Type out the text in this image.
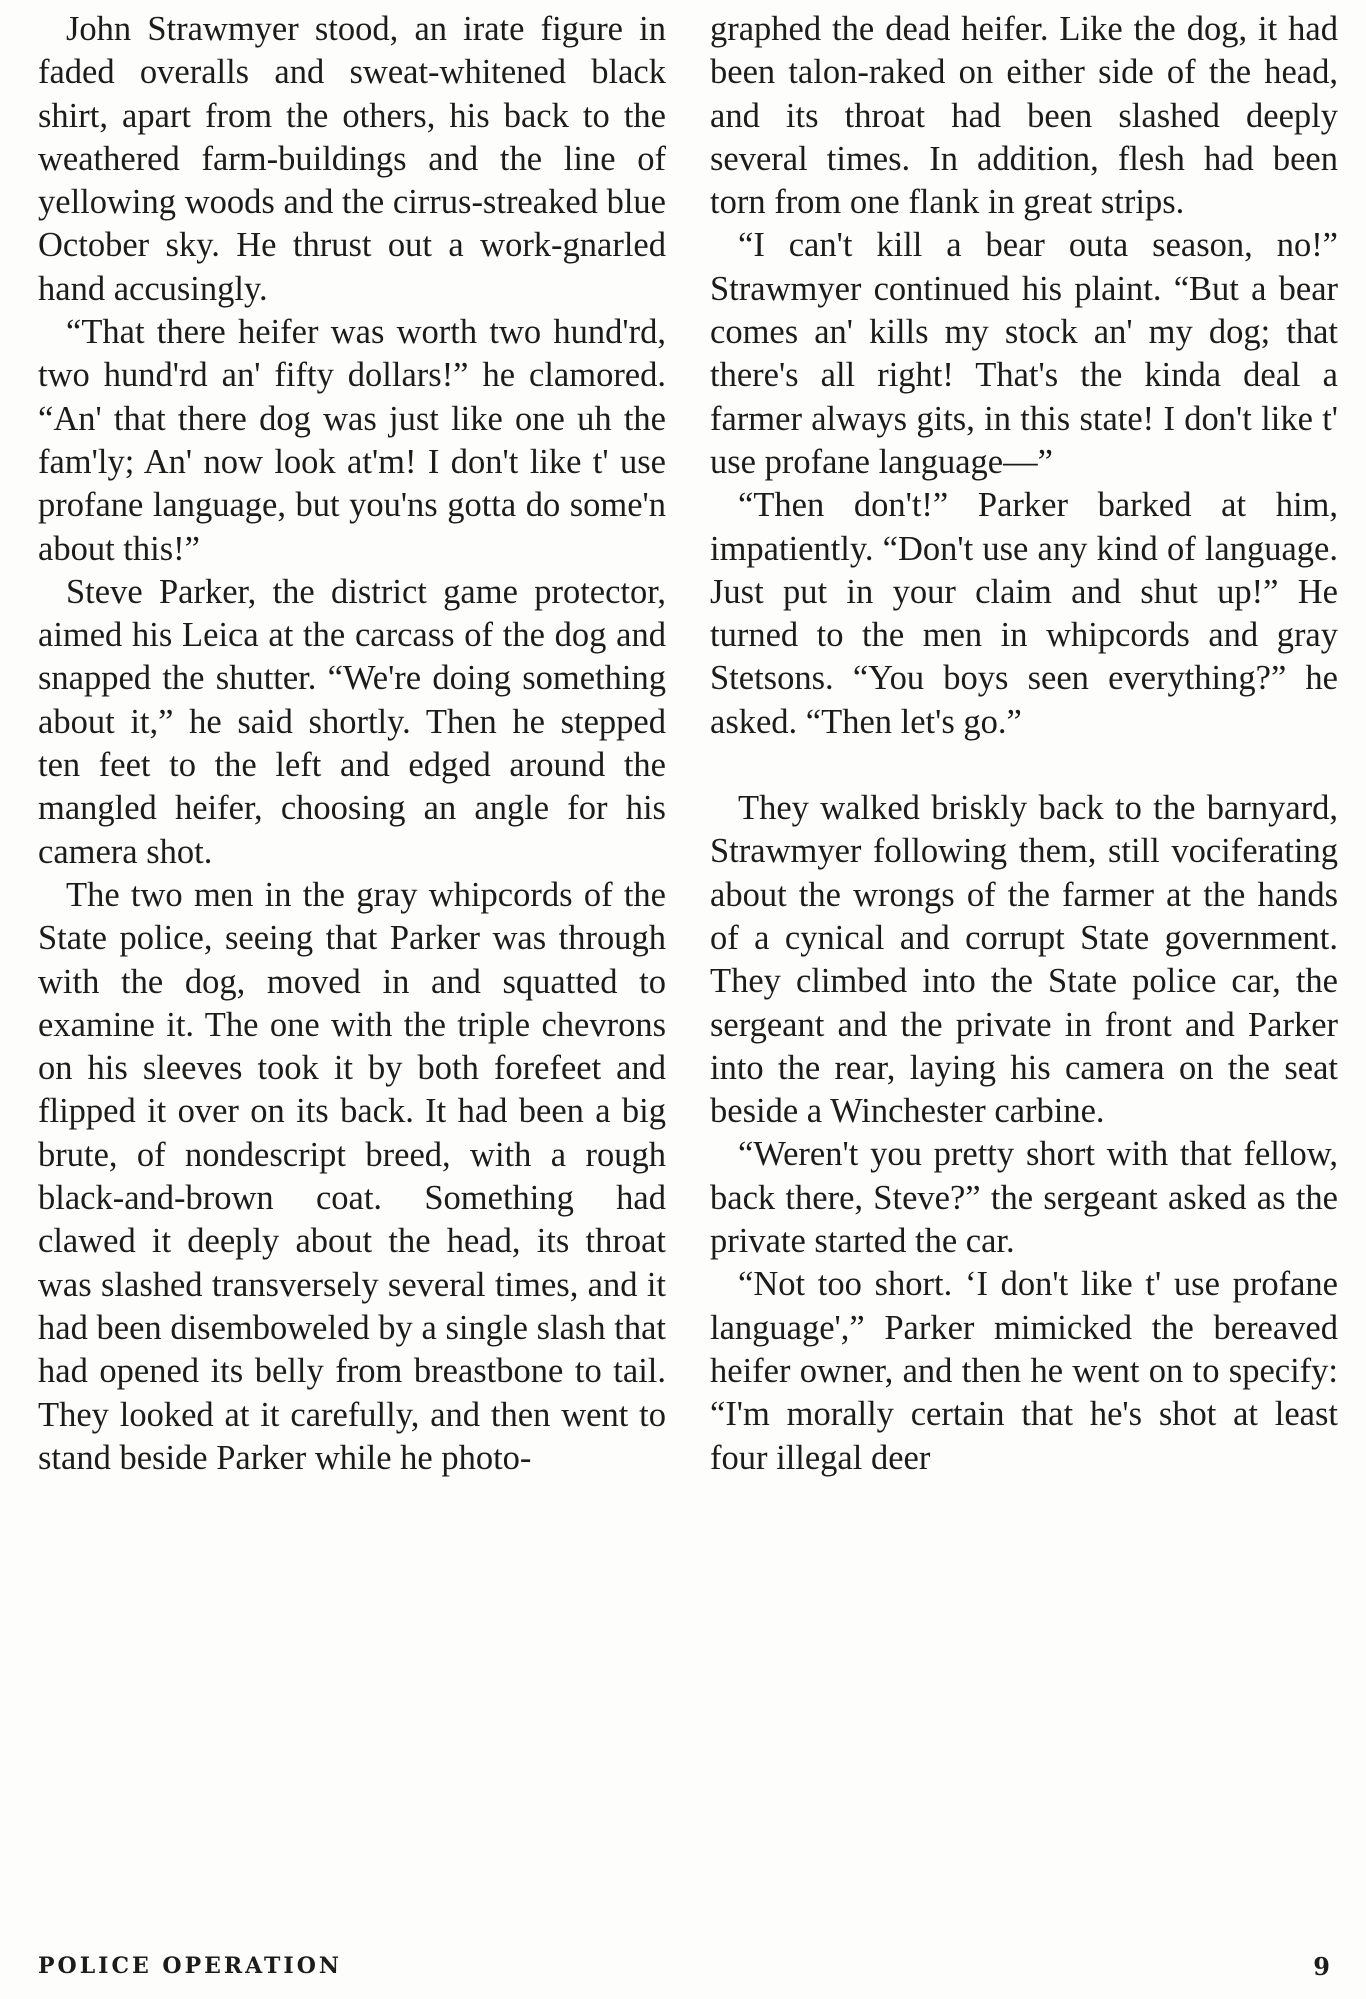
John Strawmyer stood, an irate figure in faded overalls and sweat-whitened black shirt, apart from the others, his back to the weathered farm-buildings and the line of yellowing woods and the cirrus-streaked blue October sky. He thrust out a work-gnarled hand accusingly.

“That there heifer was worth two hund'rd, two hund'rd an' fifty dollars!” he clamored. “An' that there dog was just like one uh the fam'ly; An' now look at'm! I don't like t' use profane language, but you'ns gotta do some'n about this!”

Steve Parker, the district game protector, aimed his Leica at the carcass of the dog and snapped the shutter. “We're doing something about it,” he said shortly. Then he stepped ten feet to the left and edged around the mangled heifer, choosing an angle for his camera shot.

The two men in the gray whipcords of the State police, seeing that Parker was through with the dog, moved in and squatted to examine it. The one with the triple chevrons on his sleeves took it by both forefeet and flipped it over on its back. It had been a big brute, of nondescript breed, with a rough black-and-brown coat. Something had clawed it deeply about the head, its throat was slashed transversely several times, and it had been disemboweled by a single slash that had opened its belly from breastbone to tail. They looked at it carefully, and then went to stand beside Parker while he photo-

graphed the dead heifer. Like the dog, it had been talon-raked on either side of the head, and its throat had been slashed deeply several times. In addition, flesh had been torn from one flank in great strips.

“I can't kill a bear outa season, no!” Strawmyer continued his plaint. “But a bear comes an' kills my stock an' my dog; that there's all right! That's the kinda deal a farmer always gits, in this state! I don't like t' use profane language—”

“Then don't!” Parker barked at him, impatiently. “Don't use any kind of language. Just put in your claim and shut up!” He turned to the men in whipcords and gray Stetsons. “You boys seen everything?” he asked. “Then let's go.”

They walked briskly back to the barnyard, Strawmyer following them, still vociferating about the wrongs of the farmer at the hands of a cynical and corrupt State government. They climbed into the State police car, the sergeant and the private in front and Parker into the rear, laying his camera on the seat beside a Winchester carbine.

“Weren't you pretty short with that fellow, back there, Steve?” the sergeant asked as the private started the car.

“Not too short. ‘I don't like t' use profane language',” Parker mimicked the bereaved heifer owner, and then he went on to specify: “I'm morally certain that he's shot at least four illegal deer

POLICE OPERATION	9
